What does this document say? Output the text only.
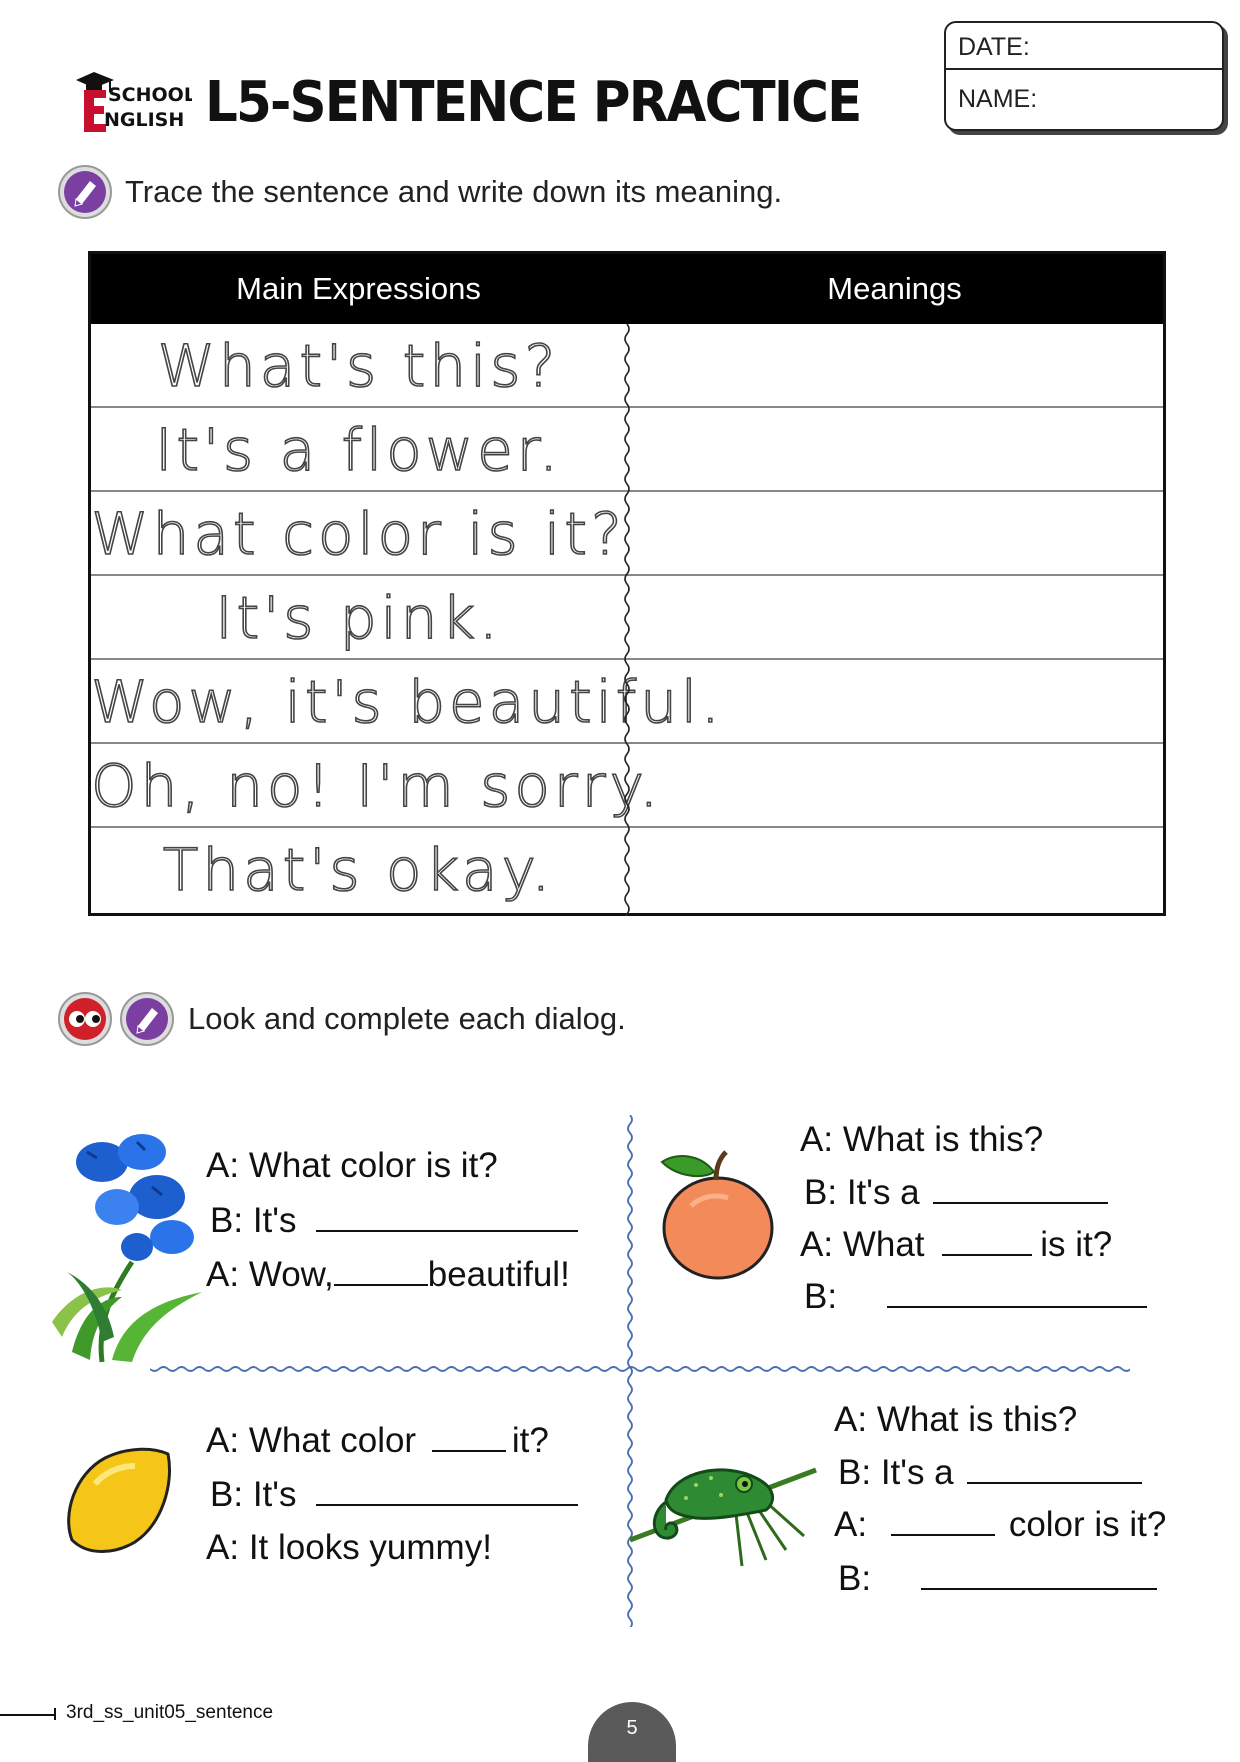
SCHOOL
NGLISH L5-SENTENCE PRACTICE
DATE:
NAME:
Trace the sentence and write down its meaning.
Main Expressions	Meanings
What's this?
It's a flower.
What color is it?
It's pink.
Wow, it's beautiful.
Oh, no! I'm sorry.
That's okay.
Look and complete each dialog.
A: What color is it?
B: It's
A: Wow,	beautiful!
A: What is this?
B: It's a
A: What	is it?
B:
A: What color	it?
B: It's
A: It looks yummy!
A: What is this?
B: It's a
A:	color is it?
B:
3rd_ss_unit05_sentence
5
